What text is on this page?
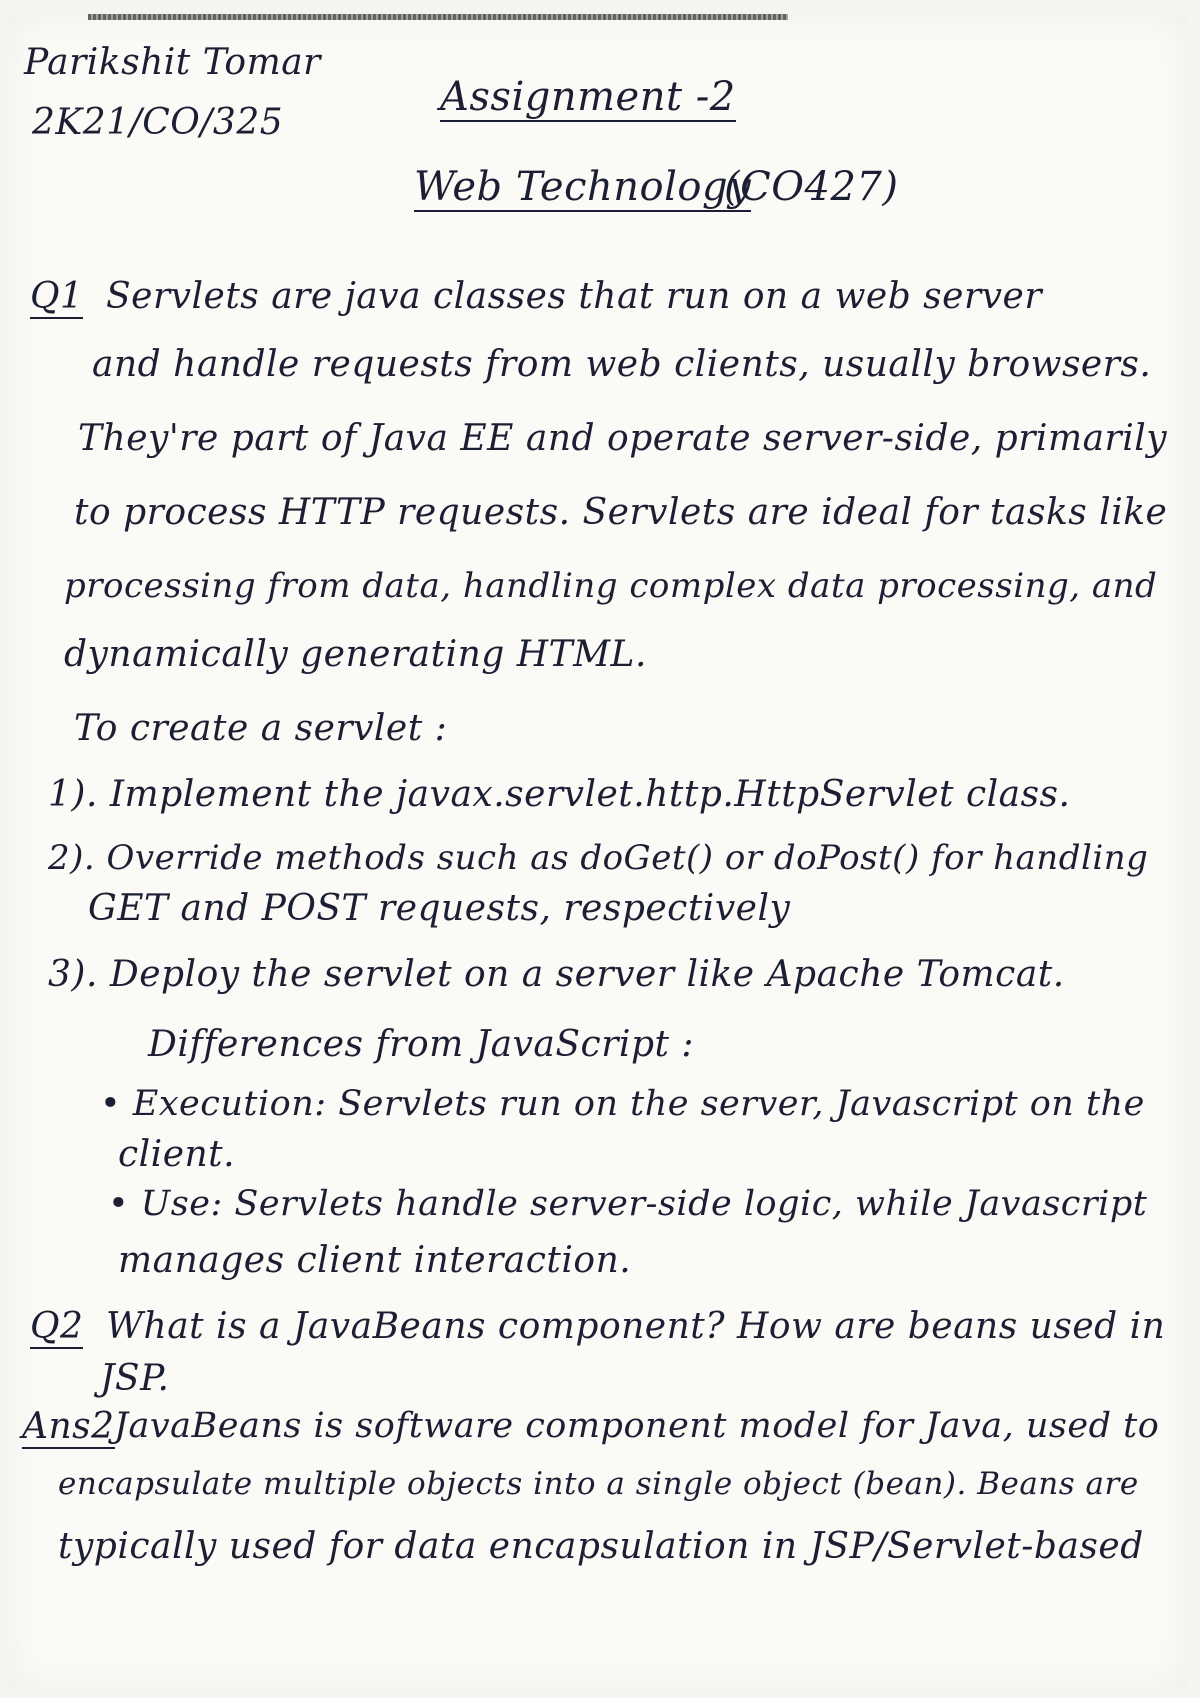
Parikshit Tomar
2K21/CO/325
Assignment -2
Web Technology
(CO427)
Q1 Servlets are java classes that run on a web server
and handle requests from web clients, usually browsers.
They're part of Java EE and operate server-side, primarily
to process HTTP requests. Servlets are ideal for tasks like
processing from data, handling complex data processing, and
dynamically generating HTML.
To create a servlet :
1). Implement the javax.servlet.http.HttpServlet class.
2). Override methods such as doGet() or doPost() for handling
GET and POST requests, respectively
3). Deploy the servlet on a server like Apache Tomcat.
Differences from JavaScript :
• Execution: Servlets run on the server, Javascript on the
client.
• Use: Servlets handle server-side logic, while Javascript
manages client interaction.
Q2 What is a JavaBeans component? How are beans used in
JSP.
Ans2 JavaBeans is software component model for Java, used to
encapsulate multiple objects into a single object (bean). Beans are
typically used for data encapsulation in JSP/Servlet-based
